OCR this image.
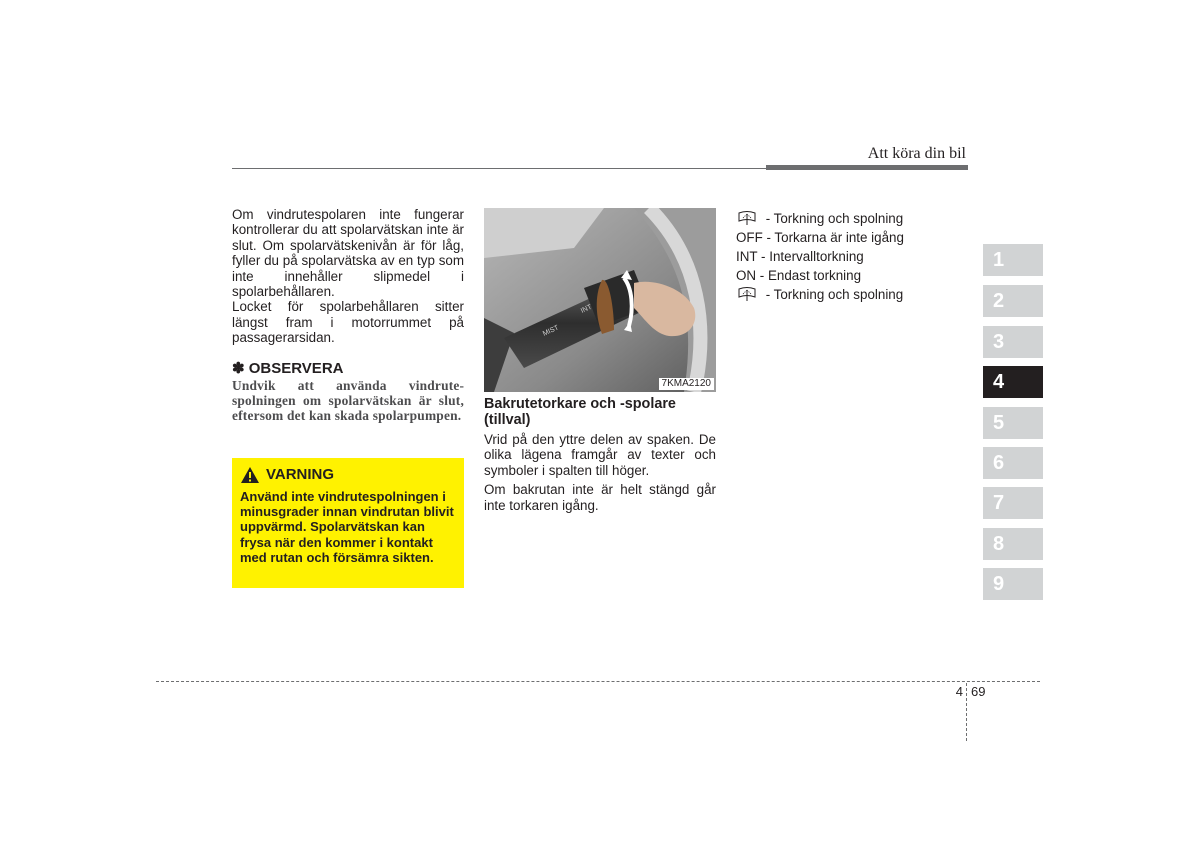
Att köra din bil

Om vindrutespolaren inte fungerar kontrollerar du att spolarvätskan inte är slut. Om spolarvätskenivån är för låg, fyller du på spolarvätska av en typ som inte innehåller slipmedel i spolarbehållaren.

Locket för spolarbehållaren sitter längst fram i motorrummet på passagerarsidan.

✽ OBSERVERA

Undvik att använda vindrutespolningen om spolarvätskan är slut, eftersom det kan skada spolarpumpen.

VARNING
Använd inte vindrutespolningen i minusgrader innan vindrutan blivit uppvärmd. Spolarvätskan kan frysa när den kommer i kontakt med rutan och försämra sikten.
MIST
INT
7KMA2120

Bakrutetorkare och -spolare (tillval)

Vrid på den yttre delen av spaken. De olika lägena framgår av texter och symboler i spalten till höger.

Om bakrutan inte är helt stängd går inte torkaren igång.

- Torkning och spolning
OFF - Torkarna är inte igång
INT - Intervalltorkning
ON - Endast torkning
- Torkning och spolning
1
2
3
4
5
6
7
8
9
4 69
